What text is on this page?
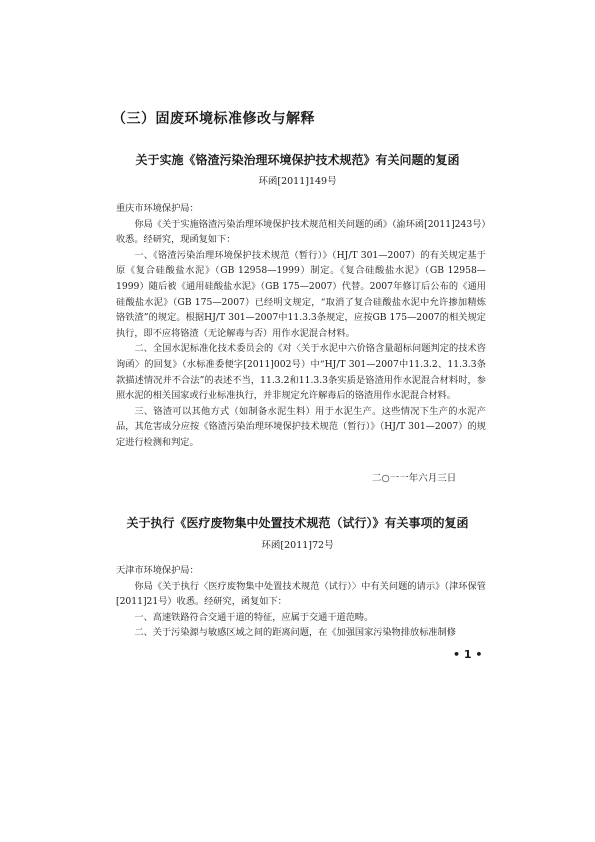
（三）固废环境标准修改与解释
关于实施《铬渣污染治理环境保护技术规范》有关问题的复函
环函[2011]149号

重庆市环境保护局：

你局《关于实施铬渣污染治理环境保护技术规范相关问题的函》（渝环函[2011]243号）收悉。经研究，现函复如下：

一、《铬渣污染治理环境保护技术规范（暂行）》（HJ/T 301—2007）的有关规定基于原《复合硅酸盐水泥》（GB 12958—1999）制定。《复合硅酸盐水泥》（GB 12958—1999）随后被《通用硅酸盐水泥》（GB 175—2007）代替。2007年修订后公布的《通用硅酸盐水泥》（GB 175—2007）已经明文规定，“取消了复合硅酸盐水泥中允许掺加精炼铬铁渣”的规定。根据HJ/T 301—2007中11.3.3条规定，应按GB 175—2007的相关规定执行，即不应将铬渣（无论解毒与否）用作水泥混合材料。

二、全国水泥标准化技术委员会的《对〈关于水泥中六价铬含量超标问题判定的技术咨询函〉的回复》（水标准委便字[2011]002号）中“HJ/T 301—2007中11.3.2、11.3.3条款描述情况并不合法”的表述不当，11.3.2和11.3.3条实质是铬渣用作水泥混合材料时，参照水泥的相关国家或行业标准执行，并非规定允许解毒后的铬渣用作水泥混合材料。

三、铬渣可以其他方式（如制备水泥生料）用于水泥生产。这些情况下生产的水泥产品，其危害成分应按《铬渣污染治理环境保护技术规范（暂行）》（HJ/T 301—2007）的规定进行检测和判定。

二○一一年六月三日
关于执行《医疗废物集中处置技术规范（试行）》有关事项的复函
环函[2011]72号

天津市环境保护局：

你局《关于执行〈医疗废物集中处置技术规范（试行）〉中有关问题的请示》（津环保管[2011]21号）收悉。经研究，函复如下：

一、高速铁路符合交通干道的特征，应属于交通干道范畴。

二、关于污染源与敏感区域之间的距离问题，在《加强国家污染物排放标准制修

• 1 •
